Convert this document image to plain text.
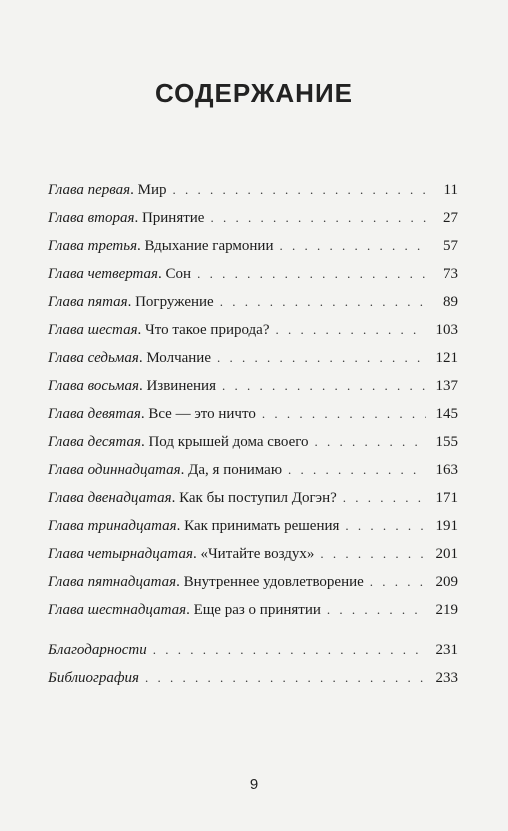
СОДЕРЖАНИЕ
Глава первая . Мир . . .	11
Глава вторая . Принятие . . .	27
Глава третья . Вдыхание гармонии . . .	57
Глава четвертая . Сон . . .	73
Глава пятая . Погружение . . .	89
Глава шестая . Что такое природа? . . .	103
Глава седьмая . Молчание . . .	121
Глава восьмая . Извинения . . .	137
Глава девятая . Все — это ничто . . .	145
Глава десятая . Под крышей дома своего . . .	155
Глава одиннадцатая . Да, я понимаю . . .	163
Глава двенадцатая . Как бы поступил Догэн? . . .	171
Глава тринадцатая . Как принимать решения . . .	191
Глава четырнадцатая . «Читайте воздух» . . .	201
Глава пятнадцатая . Внутреннее удовлетворение . . .	209
Глава шестнадцатая . Еще раз о принятии . . .	219
Благодарности . . .	231
Библиография . . .	233
9
